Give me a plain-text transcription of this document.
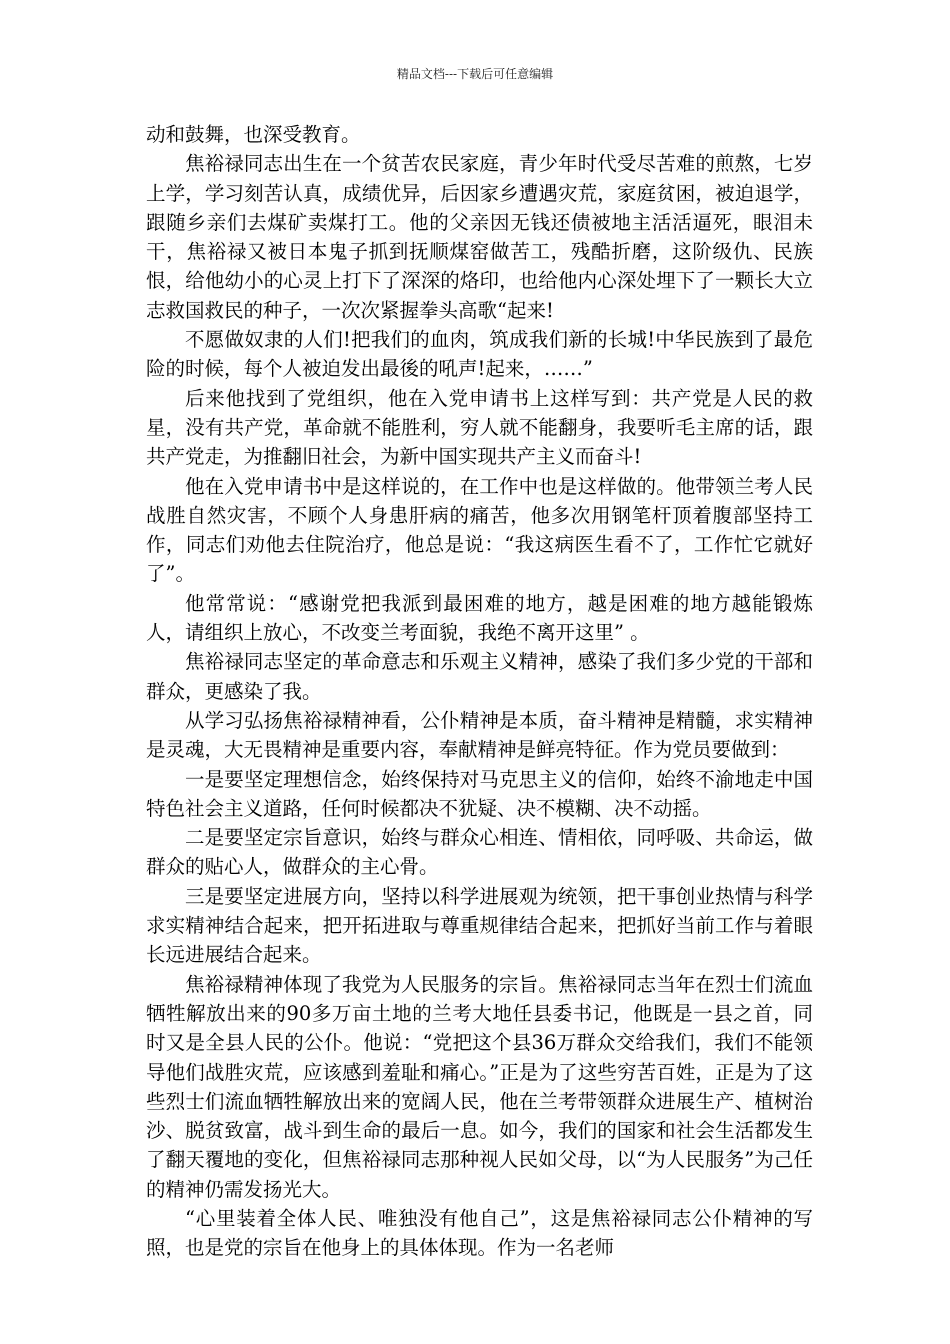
精品文档---下载后可任意编辑

动和鼓舞，也深受教育。

焦裕禄同志出生在一个贫苦农民家庭，青少年时代受尽苦难的煎熬，七岁上学，学习刻苦认真，成绩优异，后因家乡遭遇灾荒，家庭贫困，被迫退学，跟随乡亲们去煤矿卖煤打工。他的父亲因无钱还债被地主活活逼死，眼泪未干，焦裕禄又被日本鬼子抓到抚顺煤窑做苦工，残酷折磨，这阶级仇、民族恨，给他幼小的心灵上打下了深深的烙印，也给他内心深处埋下了一颗长大立志救国救民的种子，一次次紧握拳头高歌“起来!

不愿做奴隶的人们!把我们的血肉，筑成我们新的长城!中华民族到了最危险的时候，每个人被迫发出最後的吼声!起来，……”

后来他找到了党组织，他在入党申请书上这样写到：共产党是人民的救星，没有共产党，革命就不能胜利，穷人就不能翻身，我要听毛主席的话，跟共产党走，为推翻旧社会，为新中国实现共产主义而奋斗!

他在入党申请书中是这样说的，在工作中也是这样做的。他带领兰考人民战胜自然灾害，不顾个人身患肝病的痛苦，他多次用钢笔杆顶着腹部坚持工作，同志们劝他去住院治疗，他总是说：“我这病医生看不了，工作忙它就好了”。

他常常说：“感谢党把我派到最困难的地方，越是困难的地方越能锻炼人，请组织上放心，不改变兰考面貌，我绝不离开这里” 。

焦裕禄同志坚定的革命意志和乐观主义精神，感染了我们多少党的干部和群众，更感染了我。

从学习弘扬焦裕禄精神看，公仆精神是本质，奋斗精神是精髓，求实精神是灵魂，大无畏精神是重要内容，奉献精神是鲜亮特征。作为党员要做到：

一是要坚定理想信念，始终保持对马克思主义的信仰，始终不渝地走中国特色社会主义道路，任何时候都决不犹疑、决不模糊、决不动摇。

二是要坚定宗旨意识，始终与群众心相连、情相依，同呼吸、共命运，做群众的贴心人，做群众的主心骨。

三是要坚定进展方向，坚持以科学进展观为统领，把干事创业热情与科学求实精神结合起来，把开拓进取与尊重规律结合起来，把抓好当前工作与着眼长远进展结合起来。

焦裕禄精神体现了我党为人民服务的宗旨。焦裕禄同志当年在烈士们流血牺牲解放出来的90多万亩土地的兰考大地任县委书记，他既是一县之首，同时又是全县人民的公仆。他说：“党把这个县36万群众交给我们，我们不能领导他们战胜灾荒，应该感到羞耻和痛心。”正是为了这些穷苦百姓，正是为了这些烈士们流血牺牲解放出来的宽阔人民，他在兰考带领群众进展生产、植树治沙、脱贫致富，战斗到生命的最后一息。如今，我们的国家和社会生活都发生了翻天覆地的变化，但焦裕禄同志那种视人民如父母，以“为人民服务”为己任的精神仍需发扬光大。

“心里装着全体人民、唯独没有他自己”，这是焦裕禄同志公仆精神的写照，也是党的宗旨在他身上的具体体现。作为一名老师
